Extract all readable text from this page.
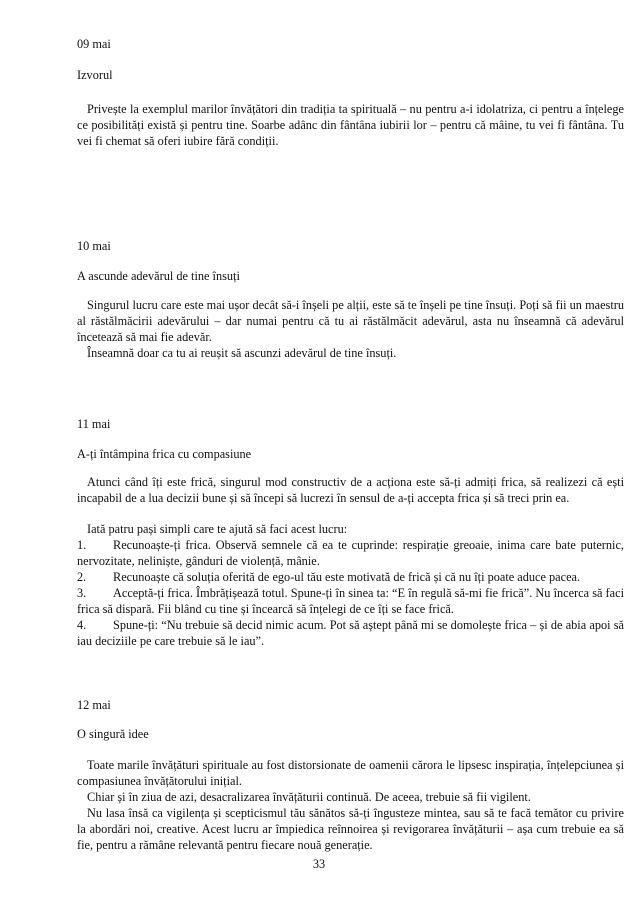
09 mai
Izvorul

Privește la exemplul marilor învățători din tradiția ta spirituală – nu pentru a-i idolatriza, ci pentru a înțelege ce posibilități există și pentru tine. Soarbe adânc din fântâna iubirii lor – pentru că mâine, tu vei fi fântâna. Tu vei fi chemat să oferi iubire fără condiții.

10 mai
A ascunde adevărul de tine însuți

Singurul lucru care este mai ușor decât să-i înșeli pe alții, este să te înșeli pe tine însuți. Poți să fii un maestru al răstălmăcirii adevărului – dar numai pentru că tu ai răstălmăcit adevărul, asta nu înseamnă că adevărul încetează să mai fie adevăr.

Înseamnă doar ca tu ai reușit să ascunzi adevărul de tine însuți.

11 mai
A-ți întâmpina frica cu compasiune

Atunci când îți este frică, singurul mod constructiv de a acționa este să-ți admiți frica, să realizezi că ești incapabil de a lua decizii bune și să începi să lucrezi în sensul de a-ți accepta frica și să treci prin ea.

Iată patru pași simpli care te ajută să faci acest lucru:

1. Recunoaște-ți frica. Observă semnele că ea te cuprinde: respirație greoaie, inima care bate puternic, nervozitate, neliniște, gânduri de violență, mânie.

2. Recunoaște că soluția oferită de ego-ul tău este motivată de frică și că nu îți poate aduce pacea.

3. Acceptă-ți frica. Îmbrățișează totul. Spune-ți în sinea ta: “E în regulă să-mi fie frică”. Nu încerca să faci frica să dispară. Fii blând cu tine și încearcă să înțelegi de ce îți se face frică.

4. Spune-ți: “Nu trebuie să decid nimic acum. Pot să aștept până mi se domolește frica – și de abia apoi să iau deciziile pe care trebuie să le iau”.

12 mai
O singură idee

Toate marile învățături spirituale au fost distorsionate de oamenii cărora le lipsesc inspirația, înțelepciunea și compasiunea învățătorului inițial.

Chiar și în ziua de azi, desacralizarea învățăturii continuă. De aceea, trebuie să fii vigilent.

Nu lasa însă ca vigilența și scepticismul tău sănătos să-ți îngusteze mintea, sau să te facă temător cu privire la abordări noi, creative. Acest lucru ar împiedica reînnoirea și revigorarea învățăturii – așa cum trebuie ea să fie, pentru a rămâne relevantă pentru fiecare nouă generație.

33
